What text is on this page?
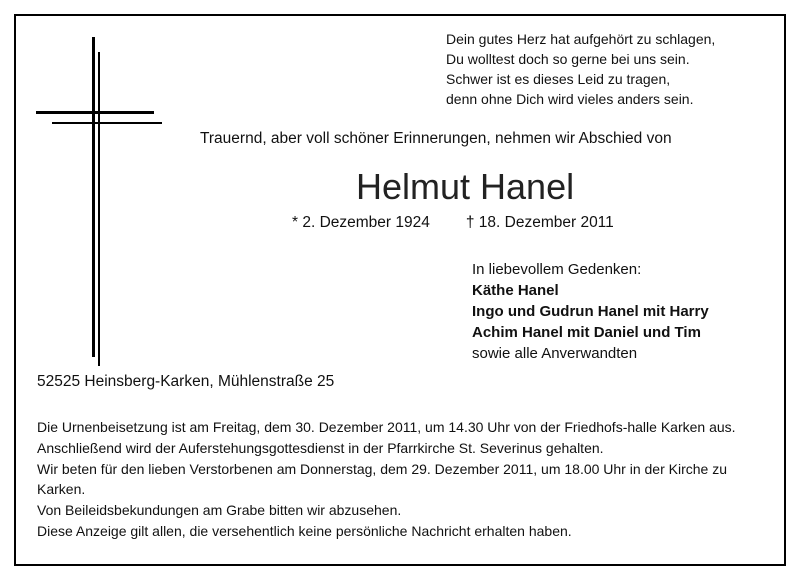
Dein gutes Herz hat aufgehört zu schlagen,
Du wolltest doch so gerne bei uns sein.
Schwer ist es dieses Leid zu tragen,
denn ohne Dich wird vieles anders sein.
Trauernd, aber voll schöner Erinnerungen, nehmen wir Abschied von
Helmut Hanel
* 2. Dezember 1924 † 18. Dezember 2011
In liebevollem Gedenken:
Käthe Hanel
Ingo und Gudrun Hanel mit Harry
Achim Hanel mit Daniel und Tim
sowie alle Anverwandten
52525 Heinsberg-Karken, Mühlenstraße 25

Die Urnenbeisetzung ist am Freitag, dem 30. Dezember 2011, um 14.30 Uhr von der Friedhofs-halle Karken aus.

Anschließend wird der Auferstehungsgottesdienst in der Pfarrkirche St. Severinus gehalten.

Wir beten für den lieben Verstorbenen am Donnerstag, dem 29. Dezember 2011, um 18.00 Uhr in der Kirche zu Karken.

Von Beileidsbekundungen am Grabe bitten wir abzusehen.

Diese Anzeige gilt allen, die versehentlich keine persönliche Nachricht erhalten haben.
